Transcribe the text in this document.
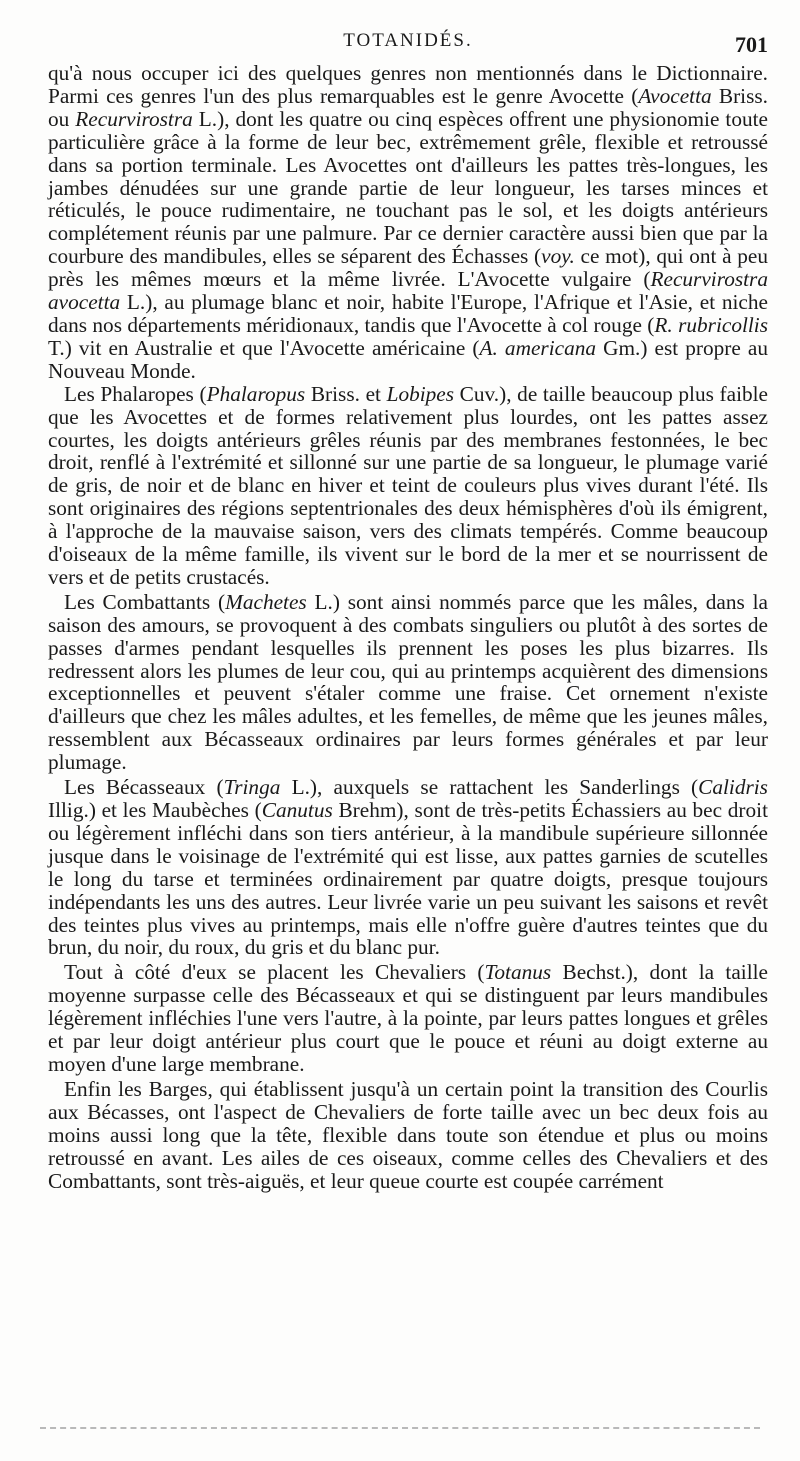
TOTANIDÉS.	701

qu'à nous occuper ici des quelques genres non mentionnés dans le Dictionnaire. Parmi ces genres l'un des plus remarquables est le genre Avocette (Avocetta Briss. ou Recurvirostra L.), dont les quatre ou cinq espèces offrent une physionomie toute particulière grâce à la forme de leur bec, extrêmement grêle, flexible et retroussé dans sa portion terminale. Les Avocettes ont d'ailleurs les pattes très-longues, les jambes dénudées sur une grande partie de leur longueur, les tarses minces et réticulés, le pouce rudimentaire, ne touchant pas le sol, et les doigts antérieurs complétement réunis par une palmure. Par ce dernier caractère aussi bien que par la courbure des mandibules, elles se séparent des Échasses (voy. ce mot), qui ont à peu près les mêmes mœurs et la même livrée. L'Avocette vulgaire (Recurvirostra avocetta L.), au plumage blanc et noir, habite l'Europe, l'Afrique et l'Asie, et niche dans nos départements méridionaux, tandis que l'Avocette à col rouge (R. rubricollis T.) vit en Australie et que l'Avocette américaine (A. americana Gm.) est propre au Nouveau Monde.

Les Phalaropes (Phalaropus Briss. et Lobipes Cuv.), de taille beaucoup plus faible que les Avocettes et de formes relativement plus lourdes, ont les pattes assez courtes, les doigts antérieurs grêles réunis par des membranes festonnées, le bec droit, renflé à l'extrémité et sillonné sur une partie de sa longueur, le plumage varié de gris, de noir et de blanc en hiver et teint de couleurs plus vives durant l'été. Ils sont originaires des régions septentrionales des deux hémisphères d'où ils émigrent, à l'approche de la mauvaise saison, vers des climats tempérés. Comme beaucoup d'oiseaux de la même famille, ils vivent sur le bord de la mer et se nourrissent de vers et de petits crustacés.

Les Combattants (Machetes L.) sont ainsi nommés parce que les mâles, dans la saison des amours, se provoquent à des combats singuliers ou plutôt à des sortes de passes d'armes pendant lesquelles ils prennent les poses les plus bizarres. Ils redressent alors les plumes de leur cou, qui au printemps acquièrent des dimensions exceptionnelles et peuvent s'étaler comme une fraise. Cet ornement n'existe d'ailleurs que chez les mâles adultes, et les femelles, de même que les jeunes mâles, ressemblent aux Bécasseaux ordinaires par leurs formes générales et par leur plumage.

Les Bécasseaux (Tringa L.), auxquels se rattachent les Sanderlings (Calidris Illig.) et les Maubèches (Canutus Brehm), sont de très-petits Échassiers au bec droit ou légèrement infléchi dans son tiers antérieur, à la mandibule supérieure sillonnée jusque dans le voisinage de l'extrémité qui est lisse, aux pattes garnies de scutelles le long du tarse et terminées ordinairement par quatre doigts, presque toujours indépendants les uns des autres. Leur livrée varie un peu suivant les saisons et revêt des teintes plus vives au printemps, mais elle n'offre guère d'autres teintes que du brun, du noir, du roux, du gris et du blanc pur.

Tout à côté d'eux se placent les Chevaliers (Totanus Bechst.), dont la taille moyenne surpasse celle des Bécasseaux et qui se distinguent par leurs mandibules légèrement infléchies l'une vers l'autre, à la pointe, par leurs pattes longues et grêles et par leur doigt antérieur plus court que le pouce et réuni au doigt externe au moyen d'une large membrane.

Enfin les Barges, qui établissent jusqu'à un certain point la transition des Courlis aux Bécasses, ont l'aspect de Chevaliers de forte taille avec un bec deux fois au moins aussi long que la tête, flexible dans toute son étendue et plus ou moins retroussé en avant. Les ailes de ces oiseaux, comme celles des Chevaliers et des Combattants, sont très-aiguës, et leur queue courte est coupée carrément
